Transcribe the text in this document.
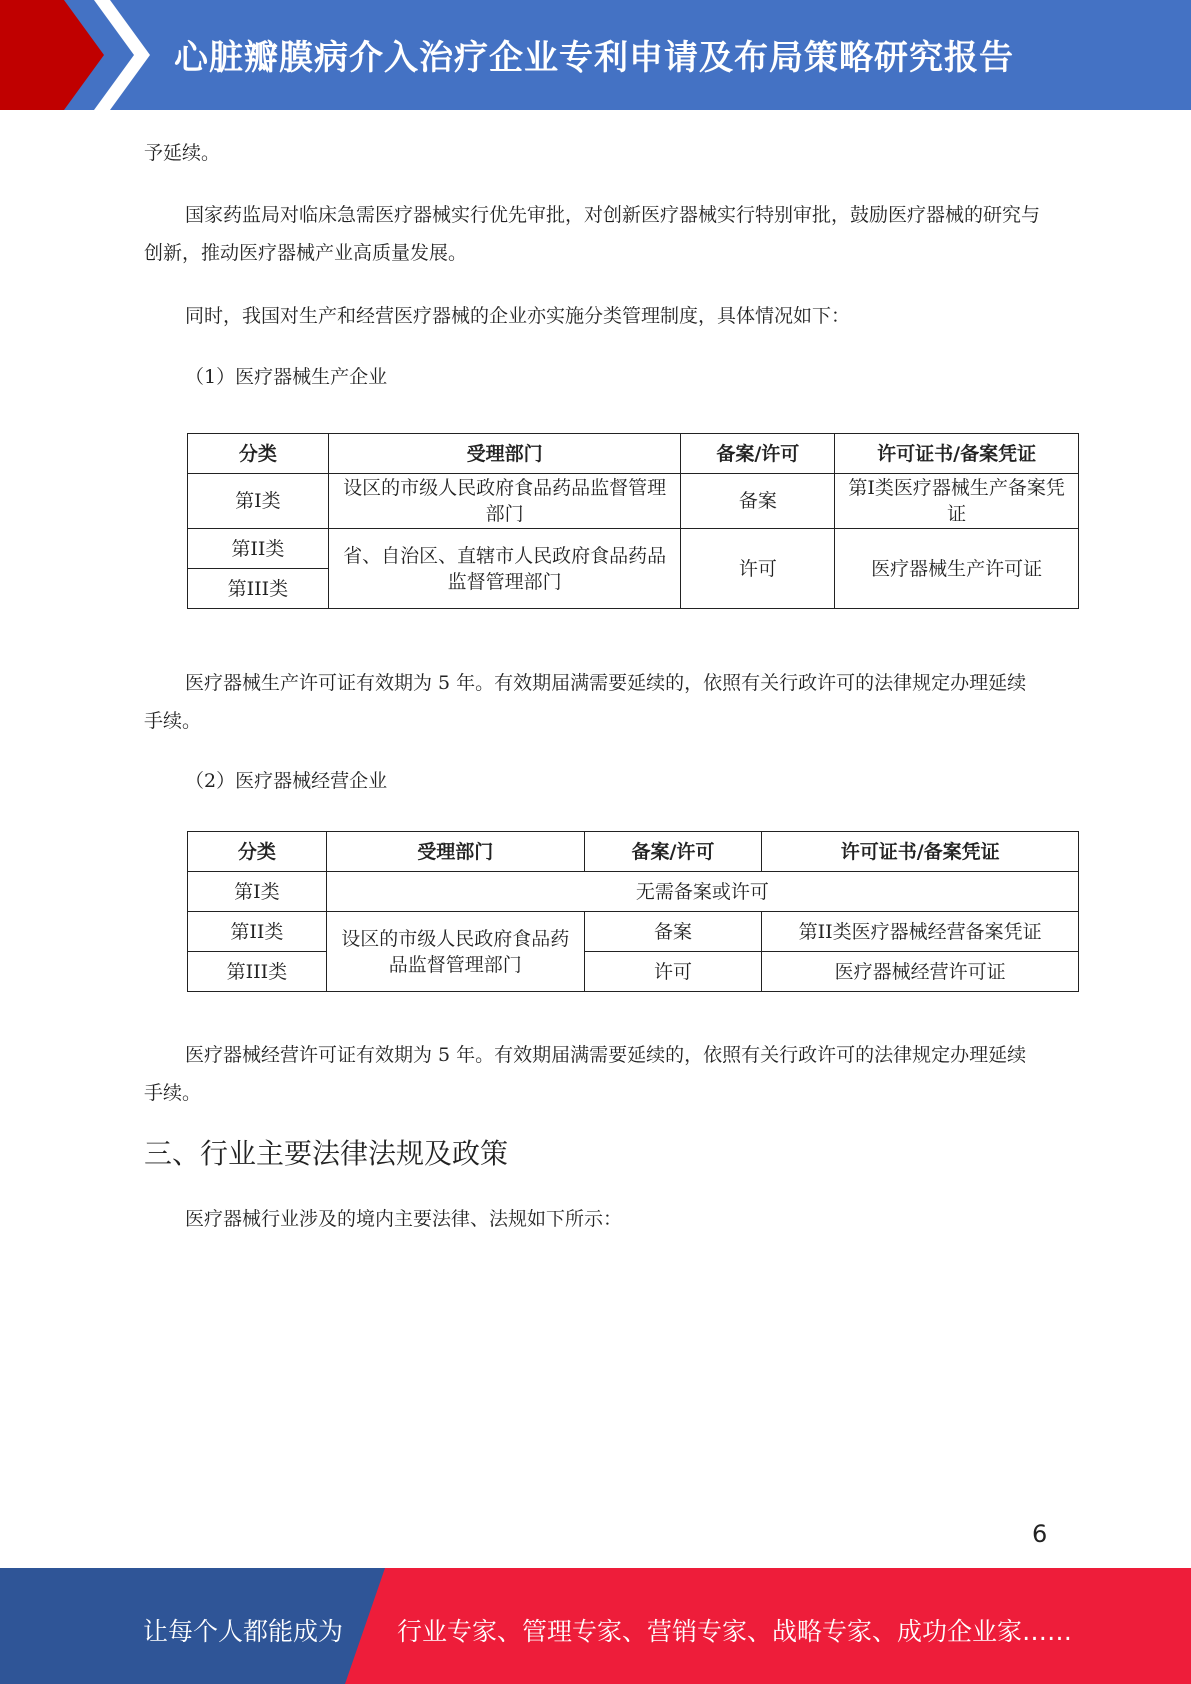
心脏瓣膜病介入治疗企业专利申请及布局策略研究报告

予延续。

国家药监局对临床急需医疗器械实行优先审批，对创新医疗器械实行特别审批，鼓励医疗器械的研究与创新，推动医疗器械产业高质量发展。

同时，我国对生产和经营医疗器械的企业亦实施分类管理制度，具体情况如下：

（1）医疗器械生产企业

分类	受理部门	备案/许可	许可证书/备案凭证
第I类	设区的市级人民政府食品药品监督管理部门	备案	第I类医疗器械生产备案凭证
第II类	省、自治区、直辖市人民政府食品药品监督管理部门	许可	医疗器械生产许可证
第III类			

医疗器械生产许可证有效期为 5 年。有效期届满需要延续的，依照有关行政许可的法律规定办理延续手续。

（2）医疗器械经营企业

分类	受理部门	备案/许可	许可证书/备案凭证
第I类	无需备案或许可		
第II类	设区的市级人民政府食品药品监督管理部门	备案	第II类医疗器械经营备案凭证
第III类		许可	医疗器械经营许可证

医疗器械经营许可证有效期为 5 年。有效期届满需要延续的，依照有关行政许可的法律规定办理延续手续。

三、行业主要法律法规及政策

医疗器械行业涉及的境内主要法律、法规如下所示：

6
让每个人都能成为 行业专家、管理专家、营销专家、战略专家、成功企业家……
